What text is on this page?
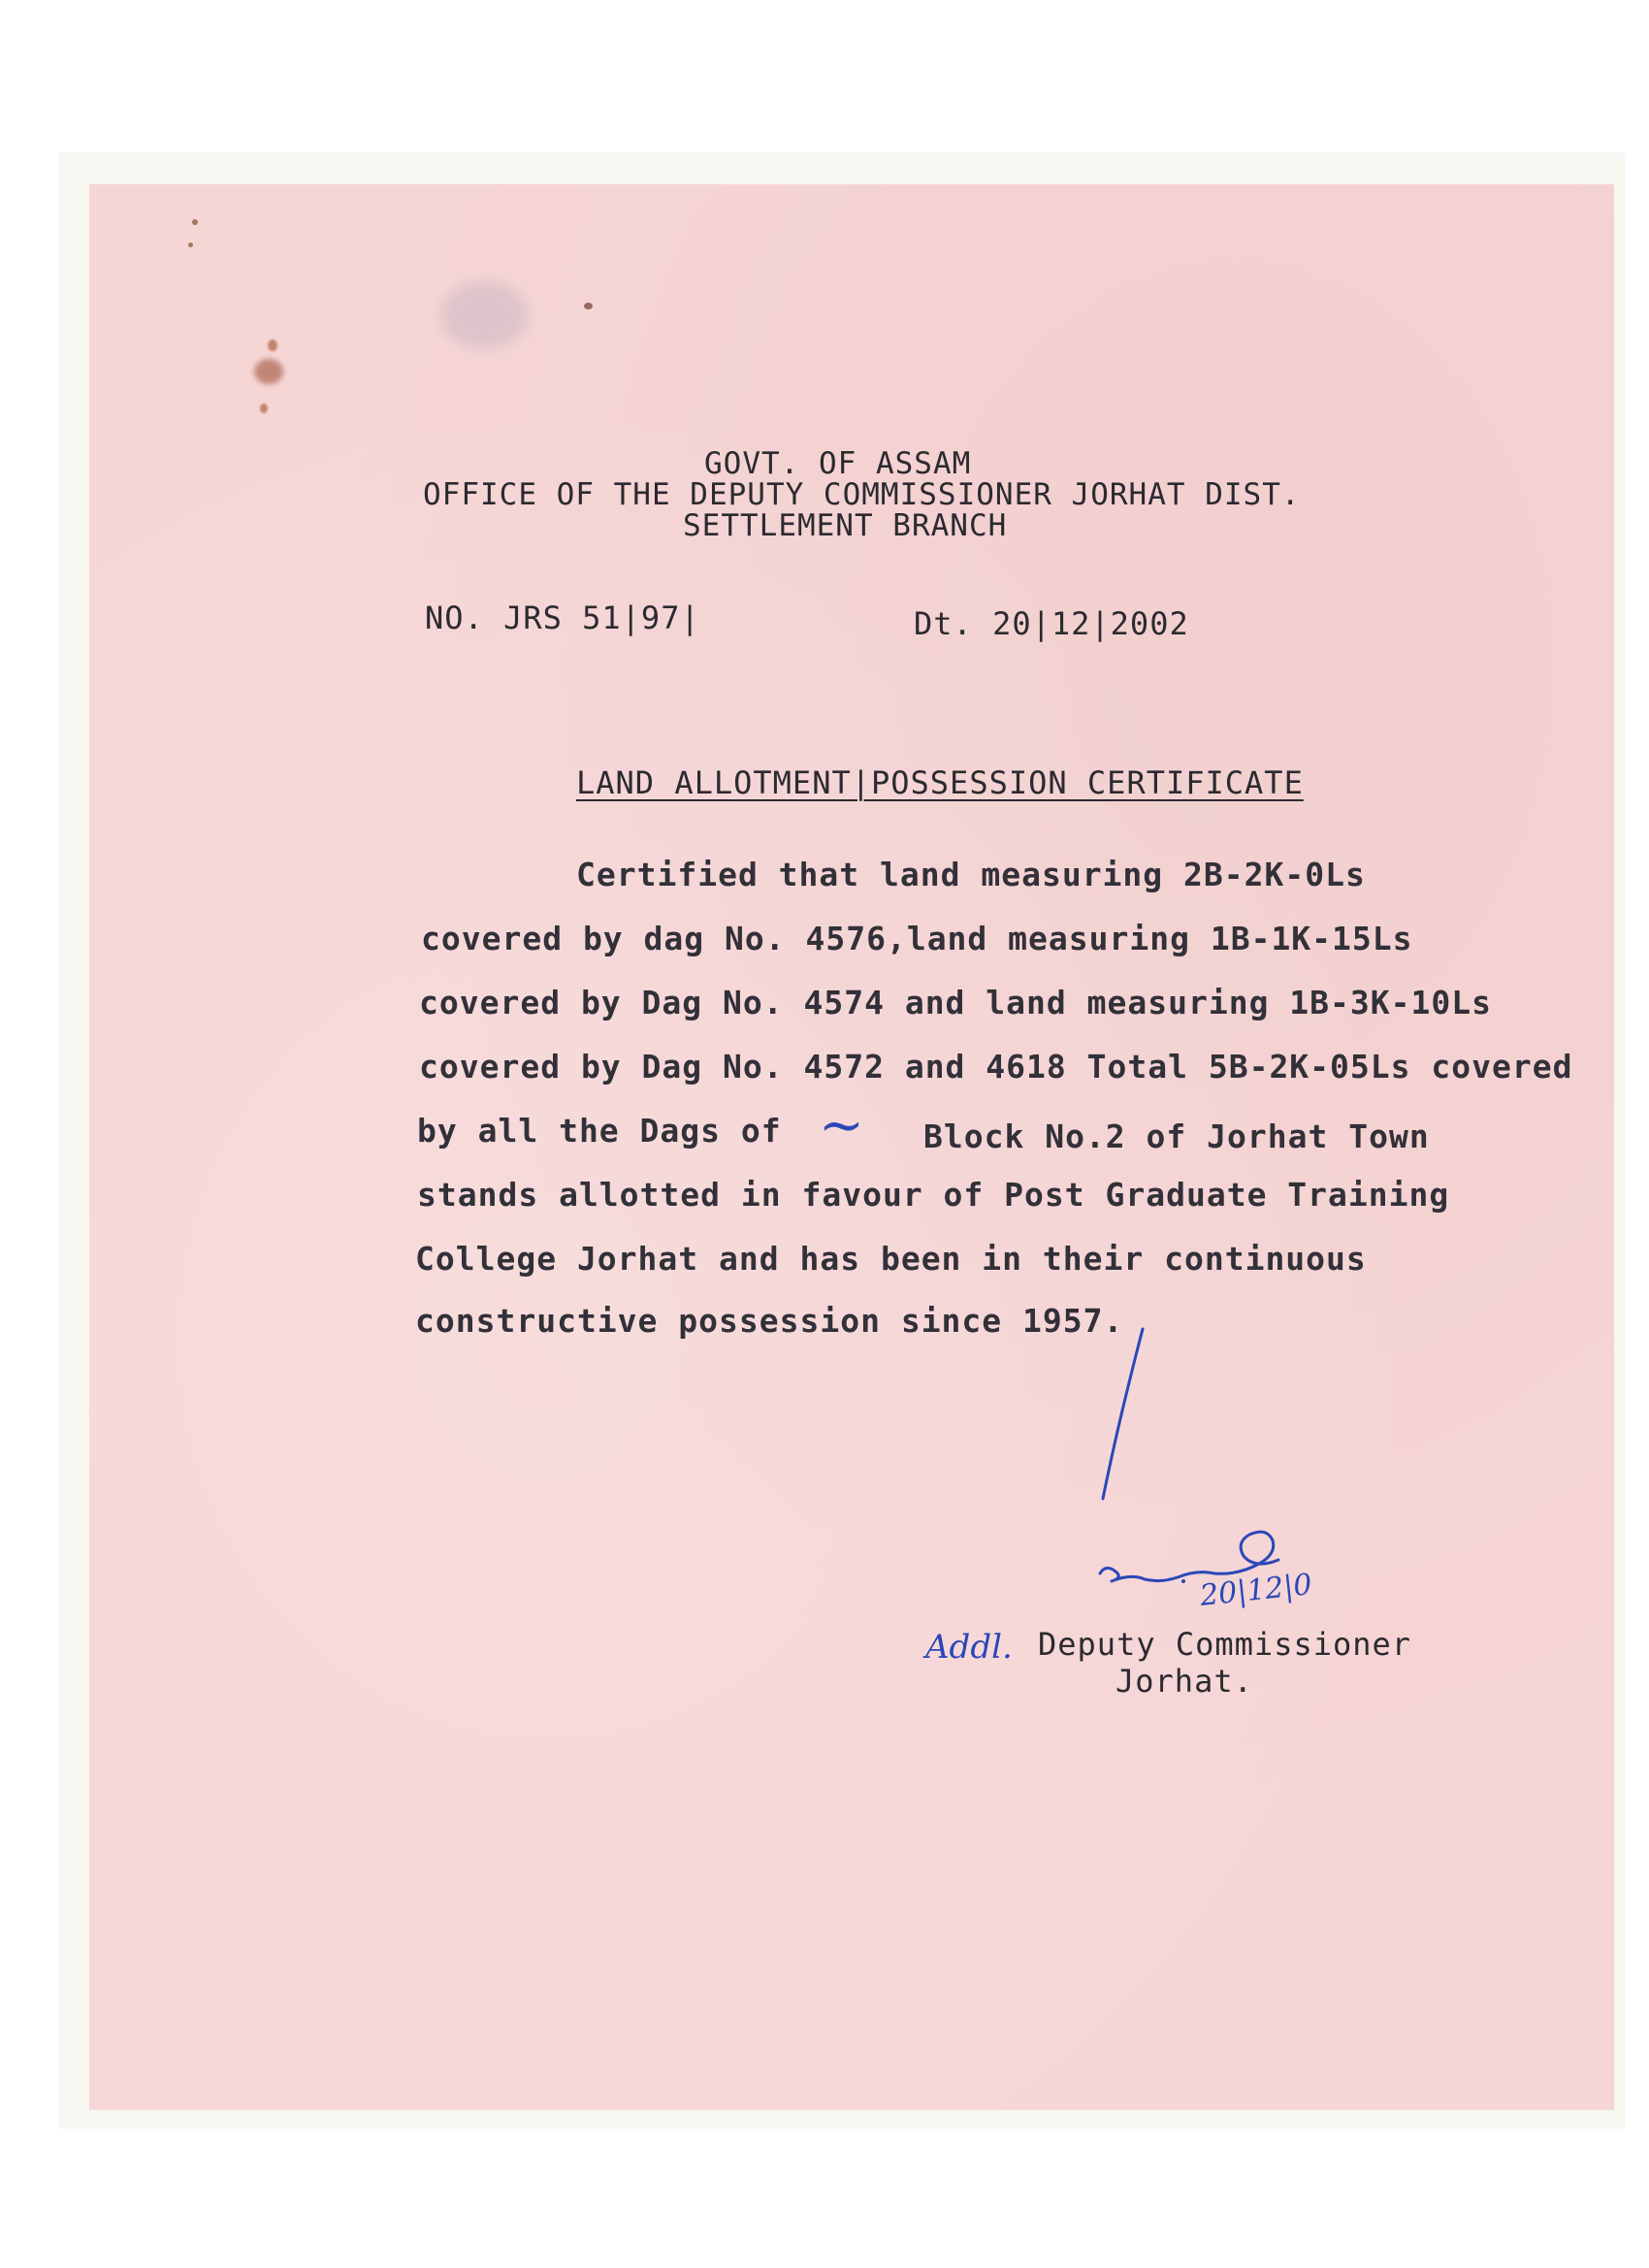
GOVT. OF ASSAM
OFFICE OF THE DEPUTY COMMISSIONER JORHAT DIST.
SETTLEMENT BRANCH
NO. JRS 51|97|	Dt. 20|12|2002
LAND ALLOTMENT|POSSESSION CERTIFICATE
Certified that land measuring 2B-2K-0Ls
covered by dag No. 4576,land measuring 1B-1K-15Ls
covered by Dag No. 4574 and land measuring 1B-3K-10Ls
covered by Dag No. 4572 and 4618 Total 5B-2K-05Ls covered
by all the Dags of ~ Block No.2 of Jorhat Town
stands allotted in favour of Post Graduate Training
College Jorhat and has been in their continuous
constructive possession since 1957.
20|12|0
Addl. Deputy Commissioner
Jorhat.
